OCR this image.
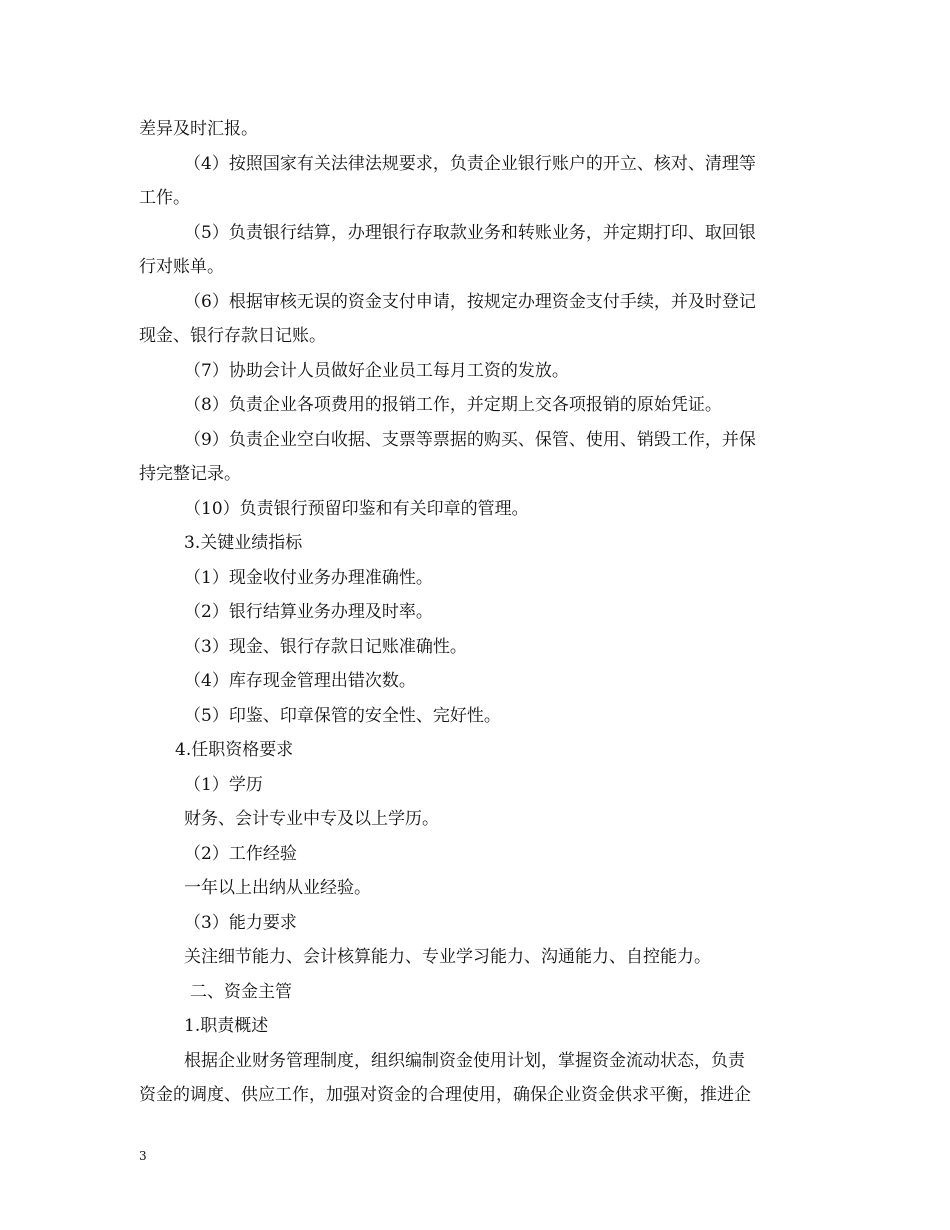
差异及时汇报。
（4）按照国家有关法律法规要求，负责企业银行账户的开立、核对、清理等
工作。
（5）负责银行结算，办理银行存取款业务和转账业务，并定期打印、取回银
行对账单。
（6）根据审核无误的资金支付申请，按规定办理资金支付手续，并及时登记
现金、银行存款日记账。
（7）协助会计人员做好企业员工每月工资的发放。
（8）负责企业各项费用的报销工作，并定期上交各项报销的原始凭证。
（9）负责企业空白收据、支票等票据的购买、保管、使用、销毁工作，并保
持完整记录。
（10）负责银行预留印鉴和有关印章的管理。
3.关键业绩指标
（1）现金收付业务办理准确性。
（2）银行结算业务办理及时率。
（3）现金、银行存款日记账准确性。
（4）库存现金管理出错次数。
（5）印鉴、印章保管的安全性、完好性。
4.任职资格要求
（1）学历
财务、会计专业中专及以上学历。
（2）工作经验
一年以上出纳从业经验。
（3）能力要求
关注细节能力、会计核算能力、专业学习能力、沟通能力、自控能力。
二、资金主管
1.职责概述
根据企业财务管理制度，组织编制资金使用计划，掌握资金流动状态，负责
资金的调度、供应工作，加强对资金的合理使用，确保企业资金供求平衡，推进企
3
